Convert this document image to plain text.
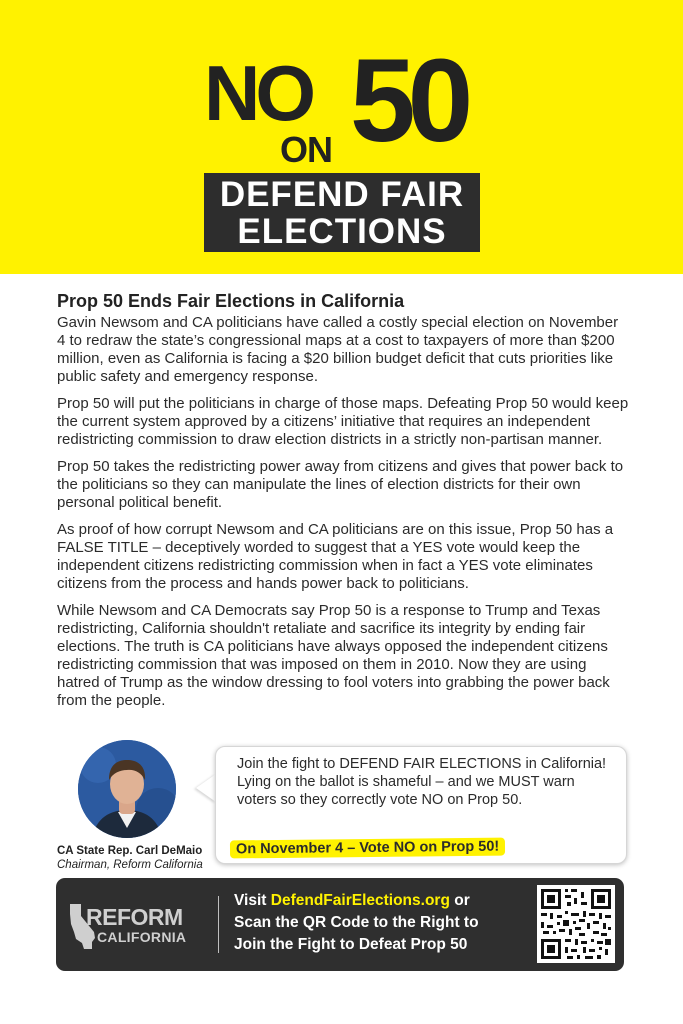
NO
ON 50
DEFEND FAIR
ELECTIONS
Prop 50 Ends Fair Elections in California

Gavin Newsom and CA politicians have called a costly special election on November 4 to redraw the state’s congressional maps at a cost to taxpayers of more than $200 million, even as California is facing a $20 billion budget deficit that cuts priorities like public safety and emergency response.

Prop 50 will put the politicians in charge of those maps. Defeating Prop 50 would keep the current system approved by a citizens’ initiative that requires an independent redistricting commission to draw election districts in a strictly non-partisan manner.

Prop 50 takes the redistricting power away from citizens and gives that power back to the politicians so they can manipulate the lines of election districts for their own personal political benefit.

As proof of how corrupt Newsom and CA politicians are on this issue, Prop 50 has a FALSE TITLE – deceptively worded to suggest that a YES vote would keep the independent citizens redistricting commission when in fact a YES vote eliminates citizens from the process and hands power back to politicians.

While Newsom and CA Democrats say Prop 50 is a response to Trump and Texas redistricting, California shouldn't retaliate and sacrifice its integrity by ending fair elections. The truth is CA politicians have always opposed the independent citizens redistricting commission that was imposed on them in 2010. Now they are using hatred of Trump as the window dressing to fool voters into grabbing the power back from the people.

CA State Rep. Carl DeMaio
Chairman, Reform California
Join the fight to DEFEND FAIR ELECTIONS in California! Lying on the ballot is shameful – and we MUST warn voters so they correctly vote NO on Prop 50.
On November 4 – Vote NO on Prop 50!
REFORM
CALIFORNIA
Visit DefendFairElections.org or
Scan the QR Code to the Right to
Join the Fight to Defeat Prop 50
